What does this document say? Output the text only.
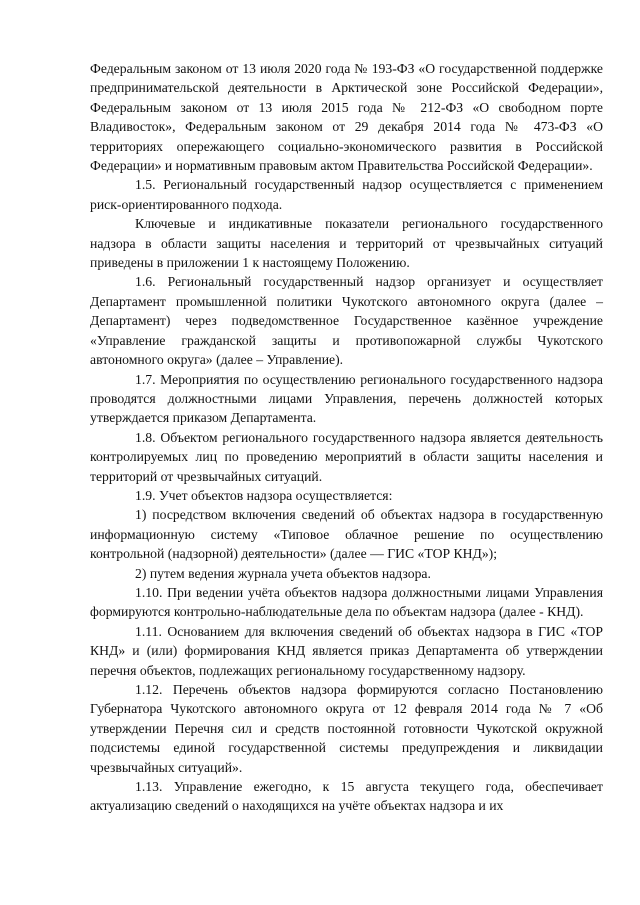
Федеральным законом от 13 июля 2020 года № 193-ФЗ «О государственной поддержке предпринимательской деятельности в Арктической зоне Российской Федерации», Федеральным законом от 13 июля 2015 года № 212-ФЗ «О свободном порте Владивосток», Федеральным законом от 29 декабря 2014 года № 473-ФЗ «О территориях опережающего социально-экономического развития в Российской Федерации» и нормативным правовым актом Правительства Российской Федерации».

1.5. Региональный государственный надзор осуществляется с применением риск-ориентированного подхода.

Ключевые и индикативные показатели регионального государственного надзора в области защиты населения и территорий от чрезвычайных ситуаций приведены в приложении 1 к настоящему Положению.

1.6. Региональный государственный надзор организует и осуществляет Департамент промышленной политики Чукотского автономного округа (далее – Департамент) через подведомственное Государственное казённое учреждение «Управление гражданской защиты и противопожарной службы Чукотского автономного округа» (далее – Управление).

1.7. Мероприятия по осуществлению регионального государственного надзора проводятся должностными лицами Управления, перечень должностей которых утверждается приказом Департамента.

1.8. Объектом регионального государственного надзора является деятельность контролируемых лиц по проведению мероприятий в области защиты населения и территорий от чрезвычайных ситуаций.

1.9. Учет объектов надзора осуществляется:

1) посредством включения сведений об объектах надзора в государственную информационную систему «Типовое облачное решение по осуществлению контрольной (надзорной) деятельности» (далее — ГИС «ТОР КНД»);

2) путем ведения журнала учета объектов надзора.

1.10. При ведении учёта объектов надзора должностными лицами Управления формируются контрольно-наблюдательные дела по объектам надзора (далее - КНД).

1.11. Основанием для включения сведений об объектах надзора в ГИС «ТОР КНД» и (или) формирования КНД является приказ Департамента об утверждении перечня объектов, подлежащих региональному государственному надзору.

1.12. Перечень объектов надзора формируются согласно Постановлению Губернатора Чукотского автономного округа от 12 февраля 2014 года № 7 «Об утверждении Перечня сил и средств постоянной готовности Чукотской окружной подсистемы единой государственной системы предупреждения и ликвидации чрезвычайных ситуаций».

1.13. Управление ежегодно, к 15 августа текущего года, обеспечивает актуализацию сведений о находящихся на учёте объектах надзора и их
